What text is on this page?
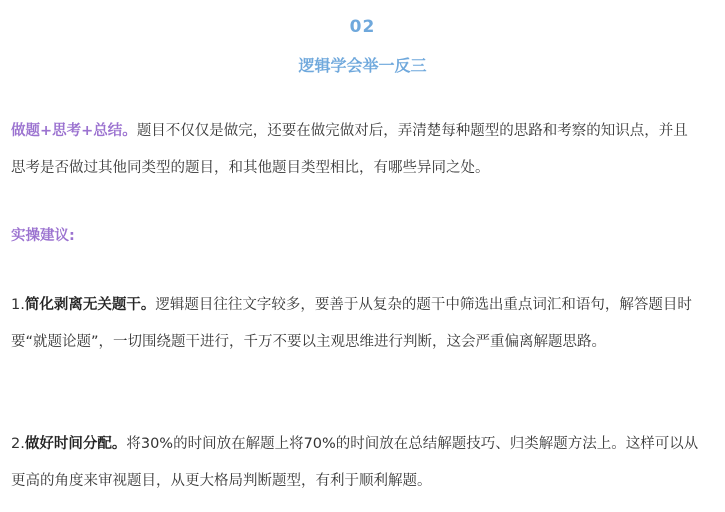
02
逻辑学会举一反三
做题+思考+总结。题目不仅仅是做完，还要在做完做对后，弄清楚每种题型的思路和考察的知识点，并且思考是否做过其他同类型的题目，和其他题目类型相比，有哪些异同之处。
实操建议:
1.简化剥离无关题干。逻辑题目往往文字较多，要善于从复杂的题干中筛选出重点词汇和语句，解答题目时要“就题论题”，一切围绕题干进行，千万不要以主观思维进行判断，这会严重偏离解题思路。
2.做好时间分配。将30%的时间放在解题上将70%的时间放在总结解题技巧、归类解题方法上。这样可以从更高的角度来审视题目，从更大格局判断题型，有利于顺利解题。
